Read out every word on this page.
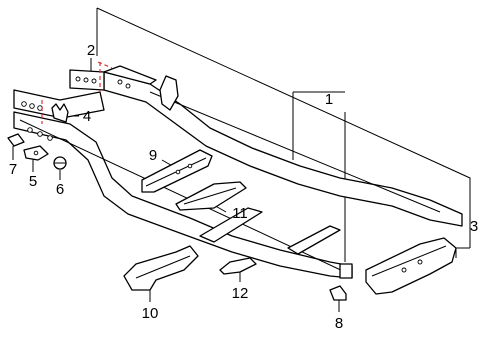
1
2
3
4
5 6
7
8
9
10
11
12
